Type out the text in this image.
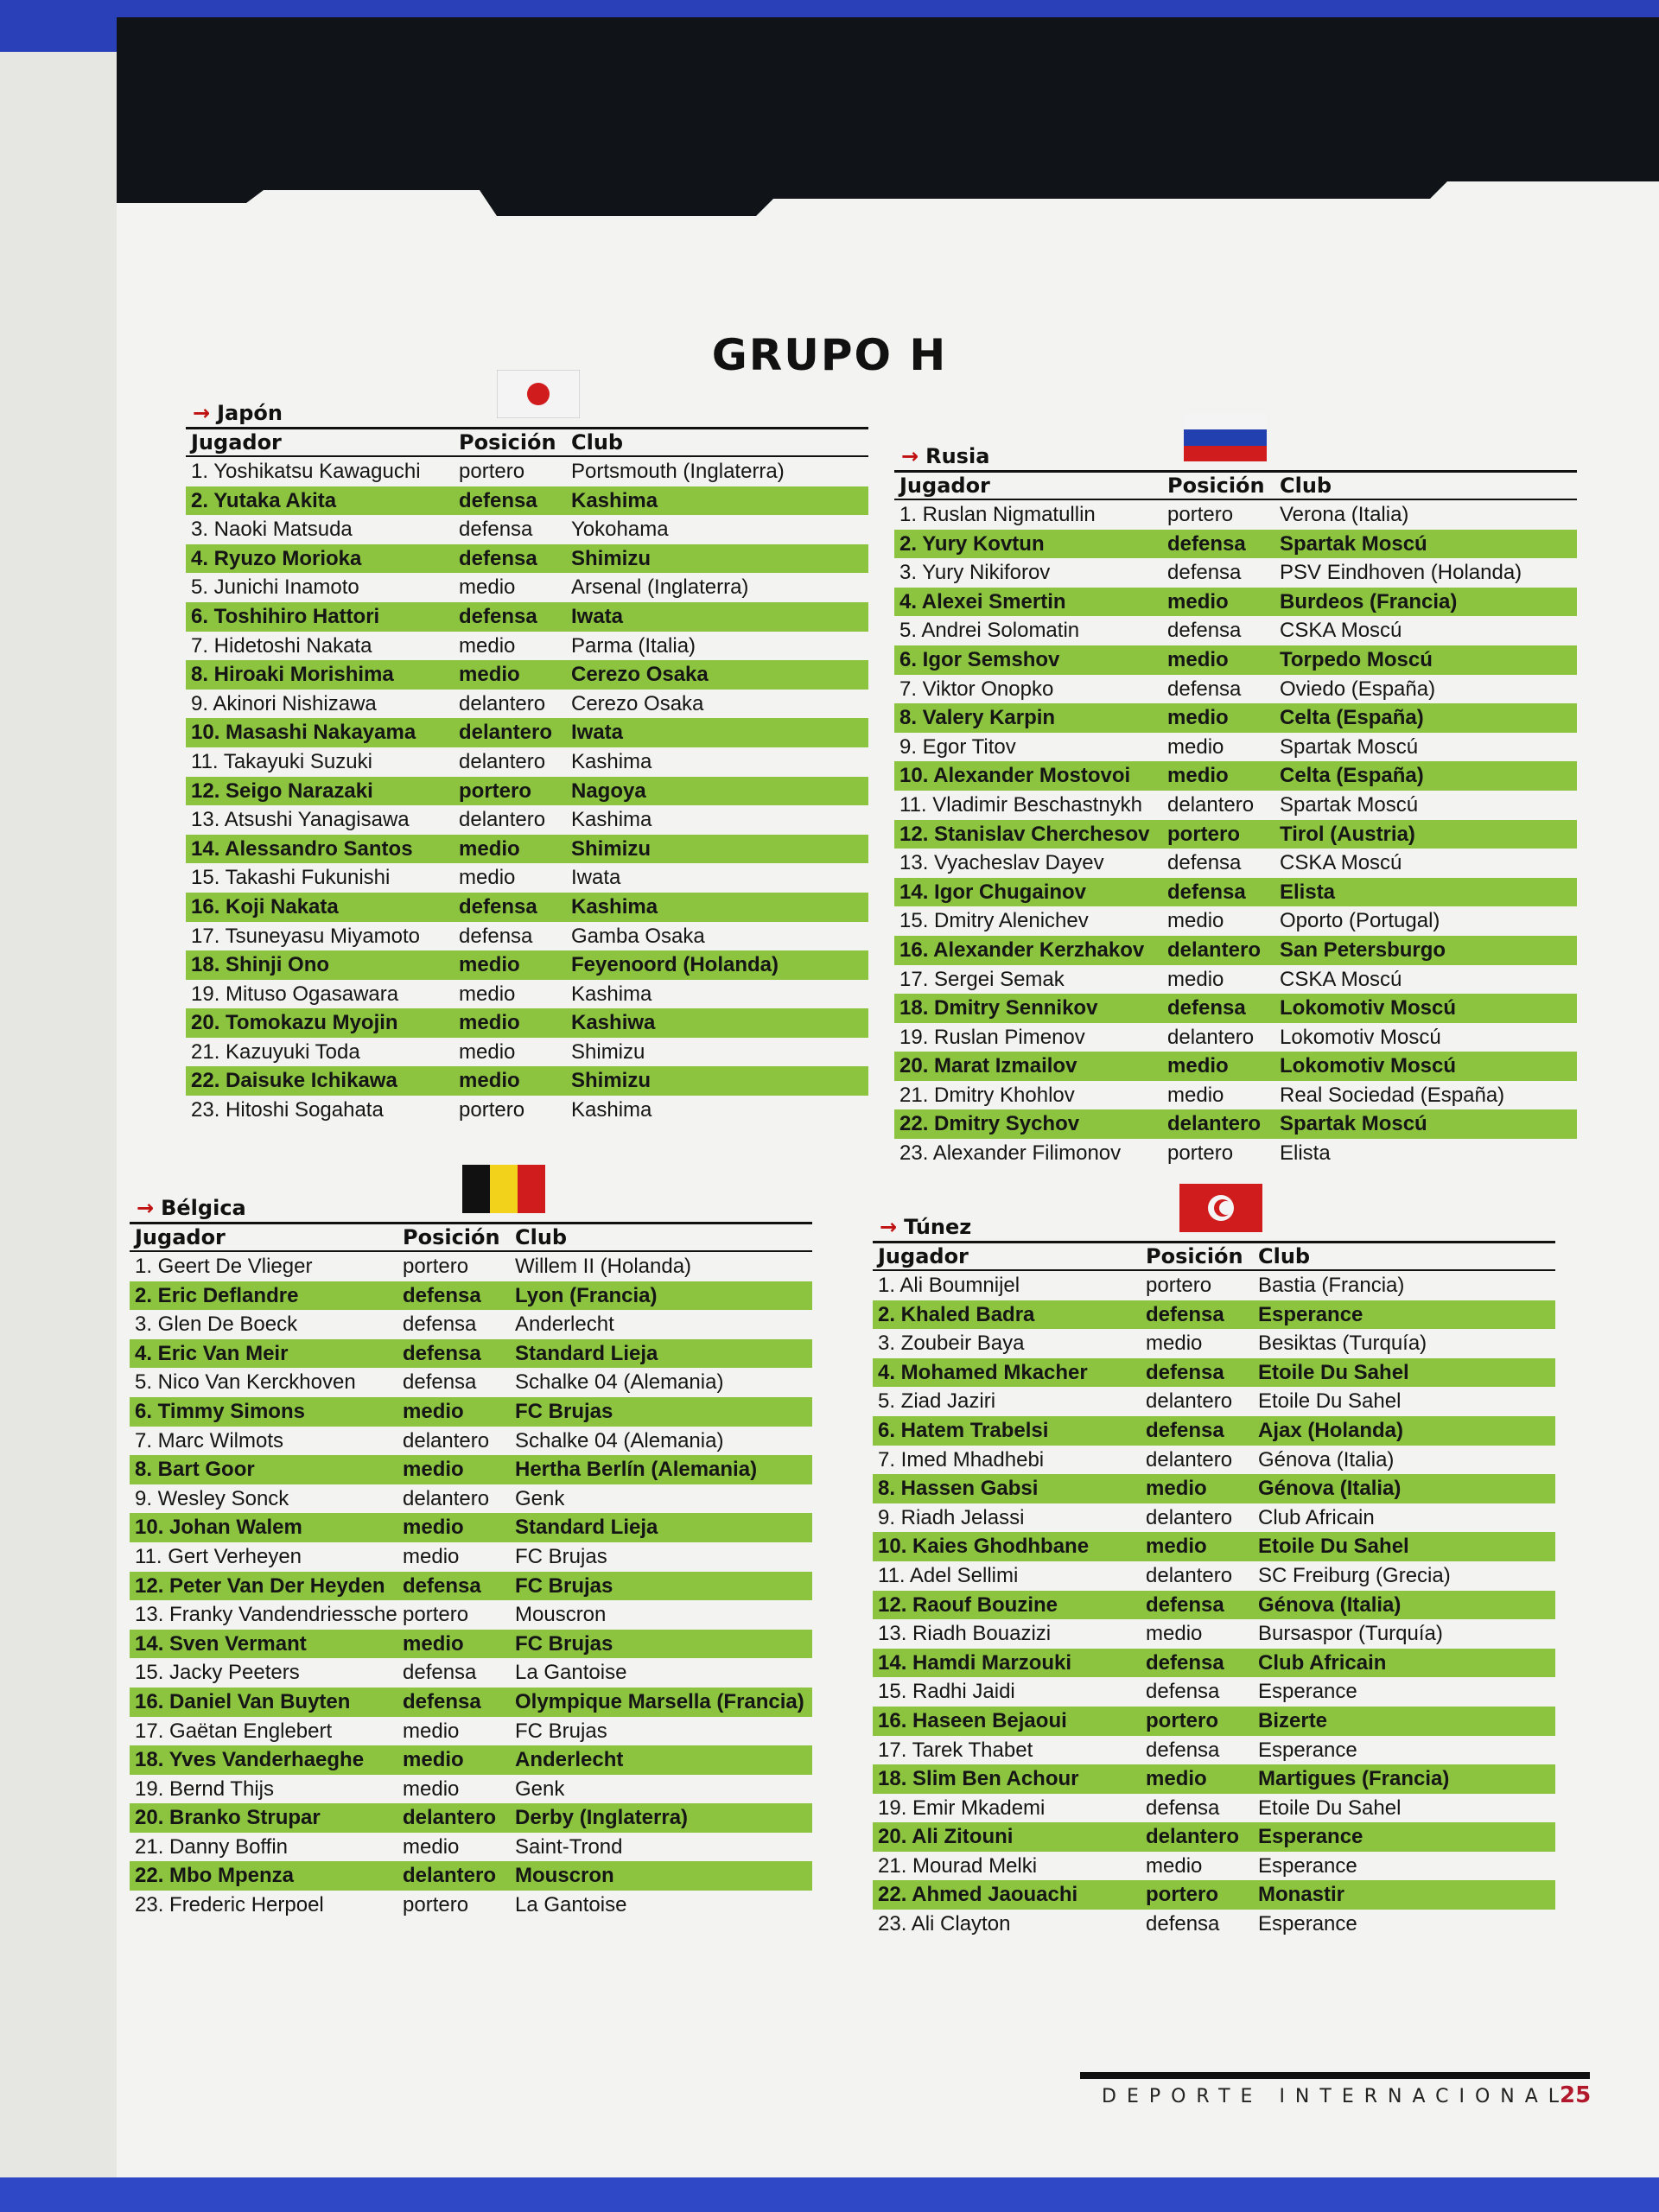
GRUPO H
→ Japón
Jugador	Posición Club
1. Yoshikatsu Kawaguchi	portero	Portsmouth (Inglaterra)
2. Yutaka Akita	defensa	Kashima
3. Naoki Matsuda	defensa	Yokohama
4. Ryuzo Morioka	defensa	Shimizu
5. Junichi Inamoto	medio	Arsenal (Inglaterra)
6. Toshihiro Hattori	defensa	Iwata
7. Hidetoshi Nakata	medio	Parma (Italia)
8. Hiroaki Morishima	medio	Cerezo Osaka
9. Akinori Nishizawa	delantero	Cerezo Osaka
10. Masashi Nakayama	delantero Iwata
11. Takayuki Suzuki	delantero	Kashima
12. Seigo Narazaki	portero	Nagoya
13. Atsushi Yanagisawa	delantero	Kashima
14. Alessandro Santos	medio	Shimizu
15. Takashi Fukunishi	medio	Iwata
16. Koji Nakata	defensa	Kashima
17. Tsuneyasu Miyamoto	defensa	Gamba Osaka
18. Shinji Ono	medio	Feyenoord (Holanda)
19. Mituso Ogasawara	medio	Kashima
20. Tomokazu Myojin	medio	Kashiwa
21. Kazuyuki Toda	medio	Shimizu
22. Daisuke Ichikawa	medio	Shimizu
23. Hitoshi Sogahata	portero	Kashima
→ Rusia
Jugador	Posición Club
1. Ruslan Nigmatullin	portero	Verona (Italia)
2. Yury Kovtun	defensa	Spartak Moscú
3. Yury Nikiforov	defensa	PSV Eindhoven (Holanda)
4. Alexei Smertin	medio	Burdeos (Francia)
5. Andrei Solomatin	defensa	CSKA Moscú
6. Igor Semshov	medio	Torpedo Moscú
7. Viktor Onopko	defensa	Oviedo (España)
8. Valery Karpin	medio	Celta (España)
9. Egor Titov	medio	Spartak Moscú
10. Alexander Mostovoi	medio	Celta (España)
11. Vladimir Beschastnykh	delantero	Spartak Moscú
12. Stanislav Cherchesov portero	Tirol (Austria)
13. Vyacheslav Dayev	defensa	CSKA Moscú
14. Igor Chugainov	defensa	Elista
15. Dmitry Alenichev	medio	Oporto (Portugal)
16. Alexander Kerzhakov	delantero San Petersburgo
17. Sergei Semak	medio	CSKA Moscú
18. Dmitry Sennikov	defensa	Lokomotiv Moscú
19. Ruslan Pimenov	delantero	Lokomotiv Moscú
20. Marat Izmailov	medio	Lokomotiv Moscú
21. Dmitry Khohlov	medio	Real Sociedad (España)
22. Dmitry Sychov	delantero Spartak Moscú
23. Alexander Filimonov	portero	Elista
→ Bélgica
Jugador	Posición Club
1. Geert De Vlieger	portero	Willem II (Holanda)
2. Eric Deflandre	defensa	Lyon (Francia)
3. Glen De Boeck	defensa	Anderlecht
4. Eric Van Meir	defensa	Standard Lieja
5. Nico Van Kerckhoven	defensa	Schalke 04 (Alemania)
6. Timmy Simons	medio	FC Brujas
7. Marc Wilmots	delantero	Schalke 04 (Alemania)
8. Bart Goor	medio	Hertha Berlín (Alemania)
9. Wesley Sonck	delantero	Genk
10. Johan Walem	medio	Standard Lieja
11. Gert Verheyen	medio	FC Brujas
12. Peter Van Der Heyden defensa	FC Brujas
13. Franky Vandendriessche portero	Mouscron
14. Sven Vermant	medio	FC Brujas
15. Jacky Peeters	defensa	La Gantoise
16. Daniel Van Buyten	defensa	Olympique Marsella (Francia)
17. Gaëtan Englebert	medio	FC Brujas
18. Yves Vanderhaeghe	medio	Anderlecht
19. Bernd Thijs	medio	Genk
20. Branko Strupar	delantero Derby (Inglaterra)
21. Danny Boffin	medio	Saint-Trond
22. Mbo Mpenza	delantero Mouscron
23. Frederic Herpoel	portero	La Gantoise
→ Túnez
Jugador	Posición Club
1. Ali Boumnijel	portero	Bastia (Francia)
2. Khaled Badra	defensa	Esperance
3. Zoubeir Baya	medio	Besiktas (Turquía)
4. Mohamed Mkacher	defensa	Etoile Du Sahel
5. Ziad Jaziri	delantero	Etoile Du Sahel
6. Hatem Trabelsi	defensa	Ajax (Holanda)
7. Imed Mhadhebi	delantero	Génova (Italia)
8. Hassen Gabsi	medio	Génova (Italia)
9. Riadh Jelassi	delantero	Club Africain
10. Kaies Ghodhbane	medio	Etoile Du Sahel
11. Adel Sellimi	delantero	SC Freiburg (Grecia)
12. Raouf Bouzine	defensa	Génova (Italia)
13. Riadh Bouazizi	medio	Bursaspor (Turquía)
14. Hamdi Marzouki	defensa	Club Africain
15. Radhi Jaidi	defensa	Esperance
16. Haseen Bejaoui	portero	Bizerte
17. Tarek Thabet	defensa	Esperance
18. Slim Ben Achour	medio	Martigues (Francia)
19. Emir Mkademi	defensa	Etoile Du Sahel
20. Ali Zitouni	delantero Esperance
21. Mourad Melki	medio	Esperance
22. Ahmed Jaouachi	portero	Monastir
23. Ali Clayton	defensa	Esperance
DEPORTE INTERNACIONAL
25
